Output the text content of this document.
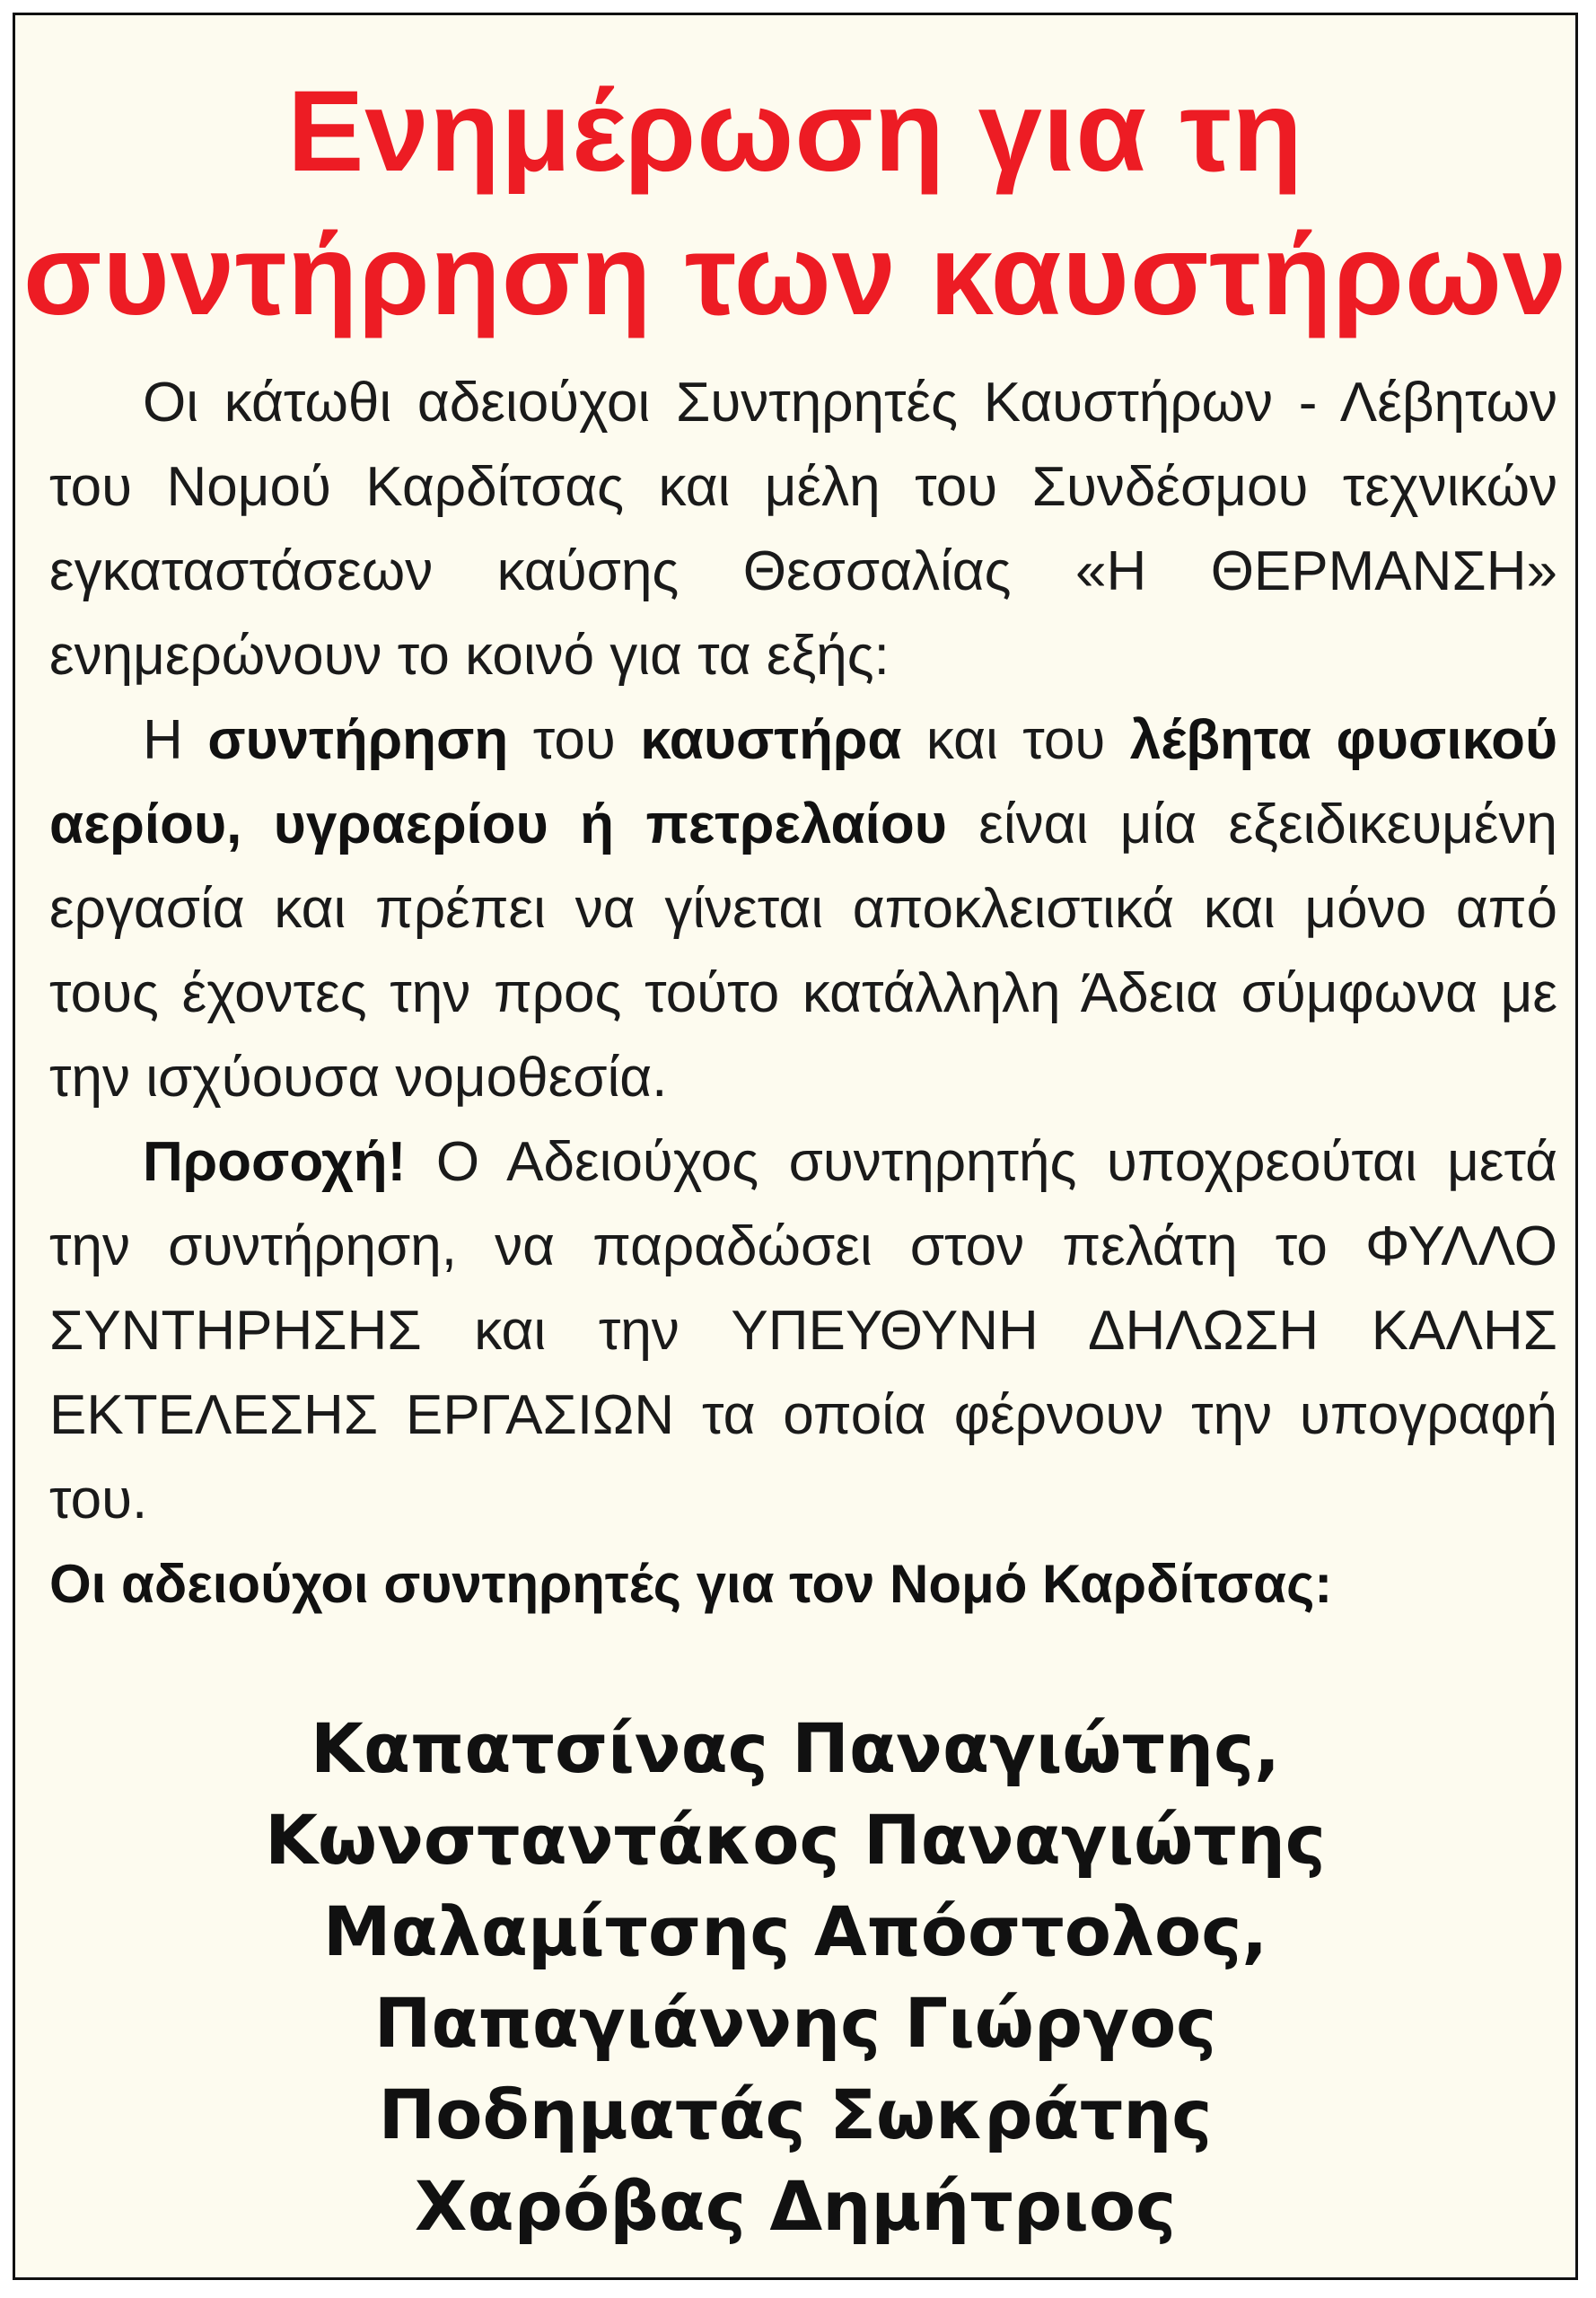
Ενημέρωση για τη
συντήρηση των καυστήρων

Οι κάτωθι αδειούχοι Συντηρητές Καυστήρων - Λέβητων του Νομού Καρδίτσας και μέλη του Συνδέσμου τεχνικών εγκαταστάσεων καύσης Θεσσαλίας «Η ΘΕΡΜΑΝΣΗ» ενημερώνουν το κοινό για τα εξής:

Η συντήρηση του καυστήρα και του λέβητα φυσικού αερίου, υγραερίου ή πετρελαίου είναι μία εξειδικευμένη εργασία και πρέπει να γίνεται αποκλειστικά και μόνο από τους έχοντες την προς τούτο κατάλληλη Άδεια σύμφωνα με την ισχύουσα νομοθεσία.

Προσοχή! Ο Αδειούχος συντηρητής υποχρεούται μετά την συντήρηση, να παραδώσει στον πελάτη το ΦΥΛΛΟ ΣΥΝΤΗΡΗΣΗΣ και την ΥΠΕΥΘΥΝΗ ΔΗΛΩΣΗ ΚΑΛΗΣ ΕΚΤΕΛΕΣΗΣ ΕΡΓΑΣΙΩΝ τα οποία φέρνουν την υπογραφή του.

Οι αδειούχοι συντηρητές για τον Νομό Καρδίτσας:

Καπατσίνας Παναγιώτης,
Κωνσταντάκος Παναγιώτης
Μαλαμίτσης Απόστολος,
Παπαγιάννης Γιώργος
Ποδηματάς Σωκράτης
Χαρόβας Δημήτριος
